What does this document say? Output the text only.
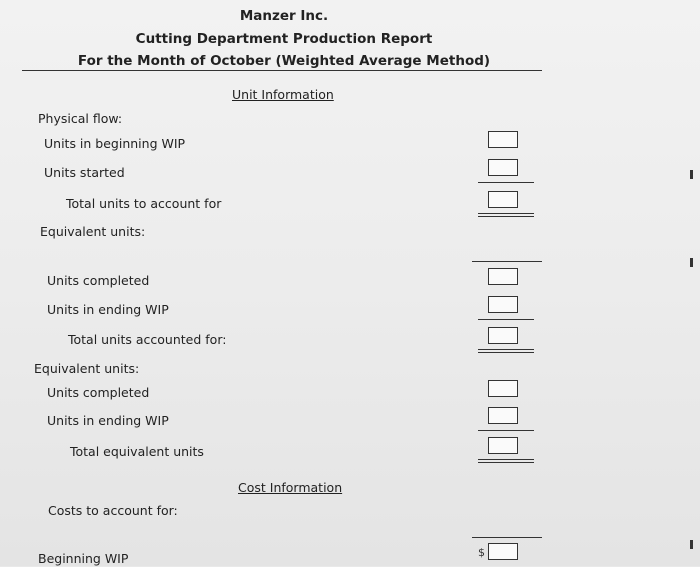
Manzer Inc.
Cutting Department Production Report
For the Month of October (Weighted Average Method)
Unit Information
Physical flow:
Units in beginning WIP
Units started
Total units to account for
Equivalent units:
Units completed
Units in ending WIP
Total units accounted for:
Equivalent units:
Units completed
Units in ending WIP
Total equivalent units
Cost Information
Costs to account for:
Beginning WIP	$
